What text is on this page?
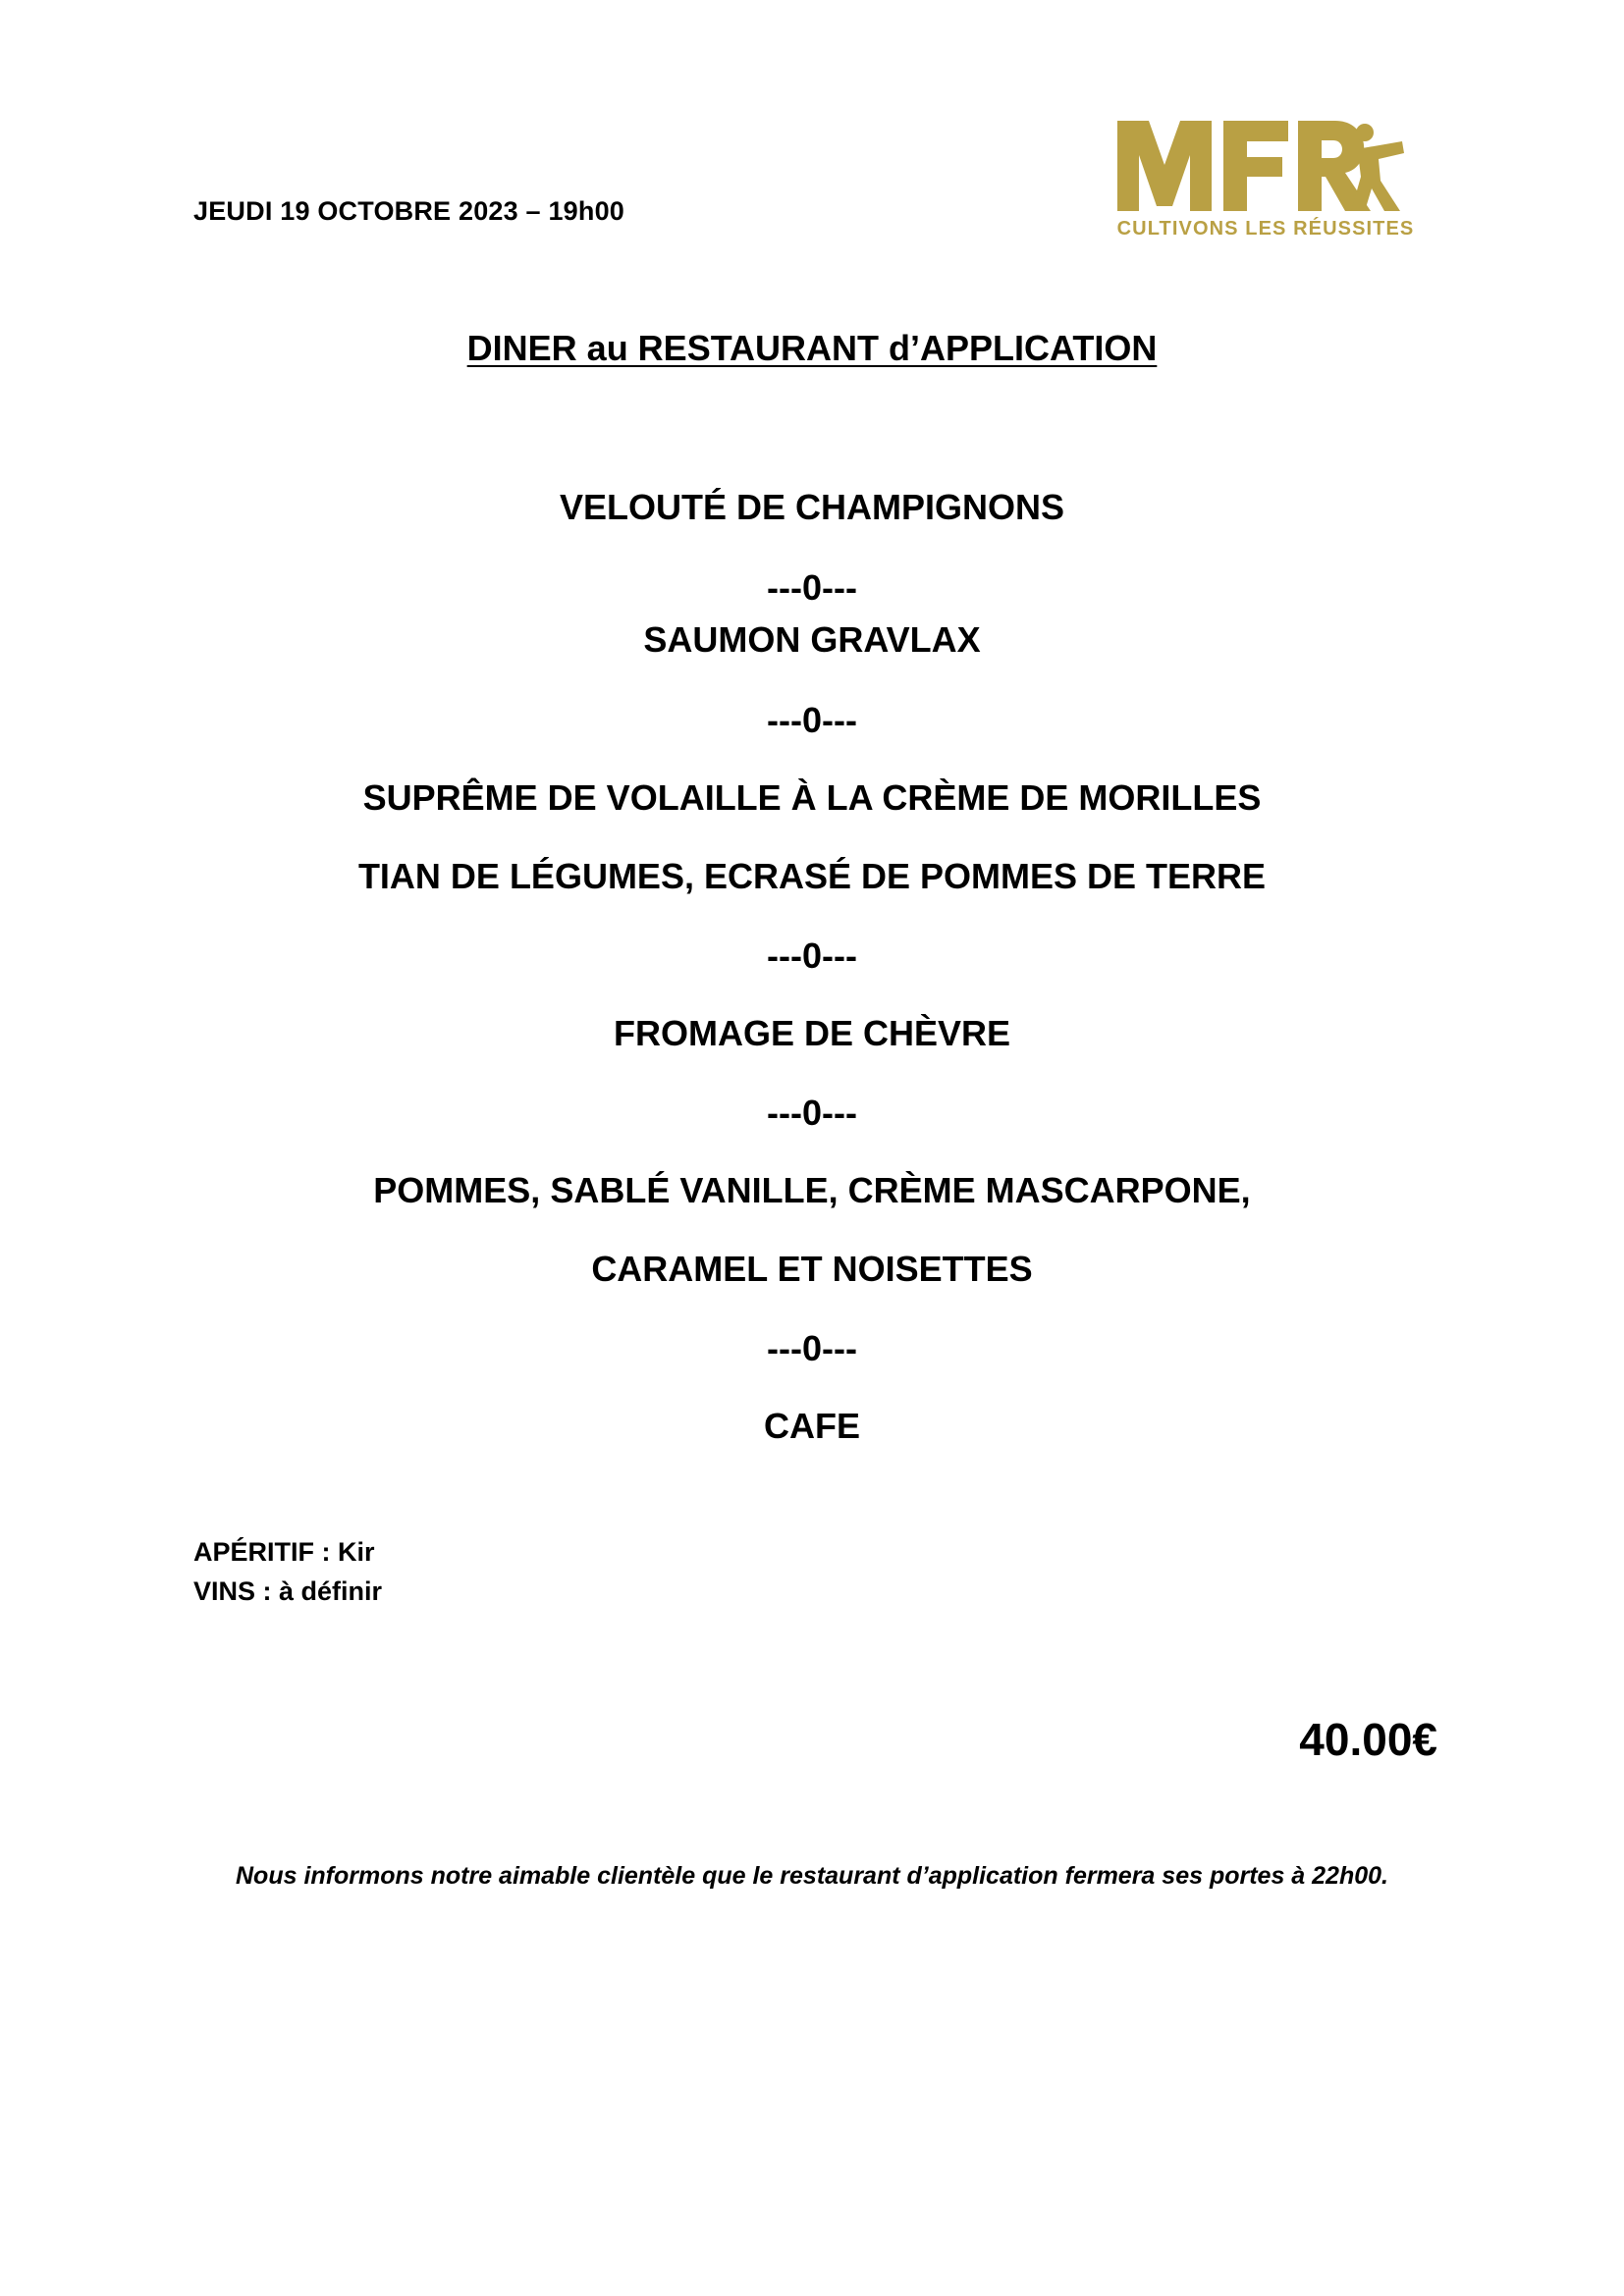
JEUDI 19 OCTOBRE 2023 – 19h00
CULTIVONS LES RÉUSSITES
DINER au RESTAURANT d’APPLICATION
VELOUTÉ DE CHAMPIGNONS
---0---
SAUMON GRAVLAX
---0---
SUPRÊME DE VOLAILLE À LA CRÈME DE MORILLES
TIAN DE LÉGUMES, ECRASÉ DE POMMES DE TERRE
---0---
FROMAGE DE CHÈVRE
---0---
POMMES, SABLÉ VANILLE, CRÈME MASCARPONE,
CARAMEL ET NOISETTES
---0---
CAFE
APÉRITIF : Kir
VINS : à définir
40.00€
Nous informons notre aimable clientèle que le restaurant d’application fermera ses portes à 22h00.
